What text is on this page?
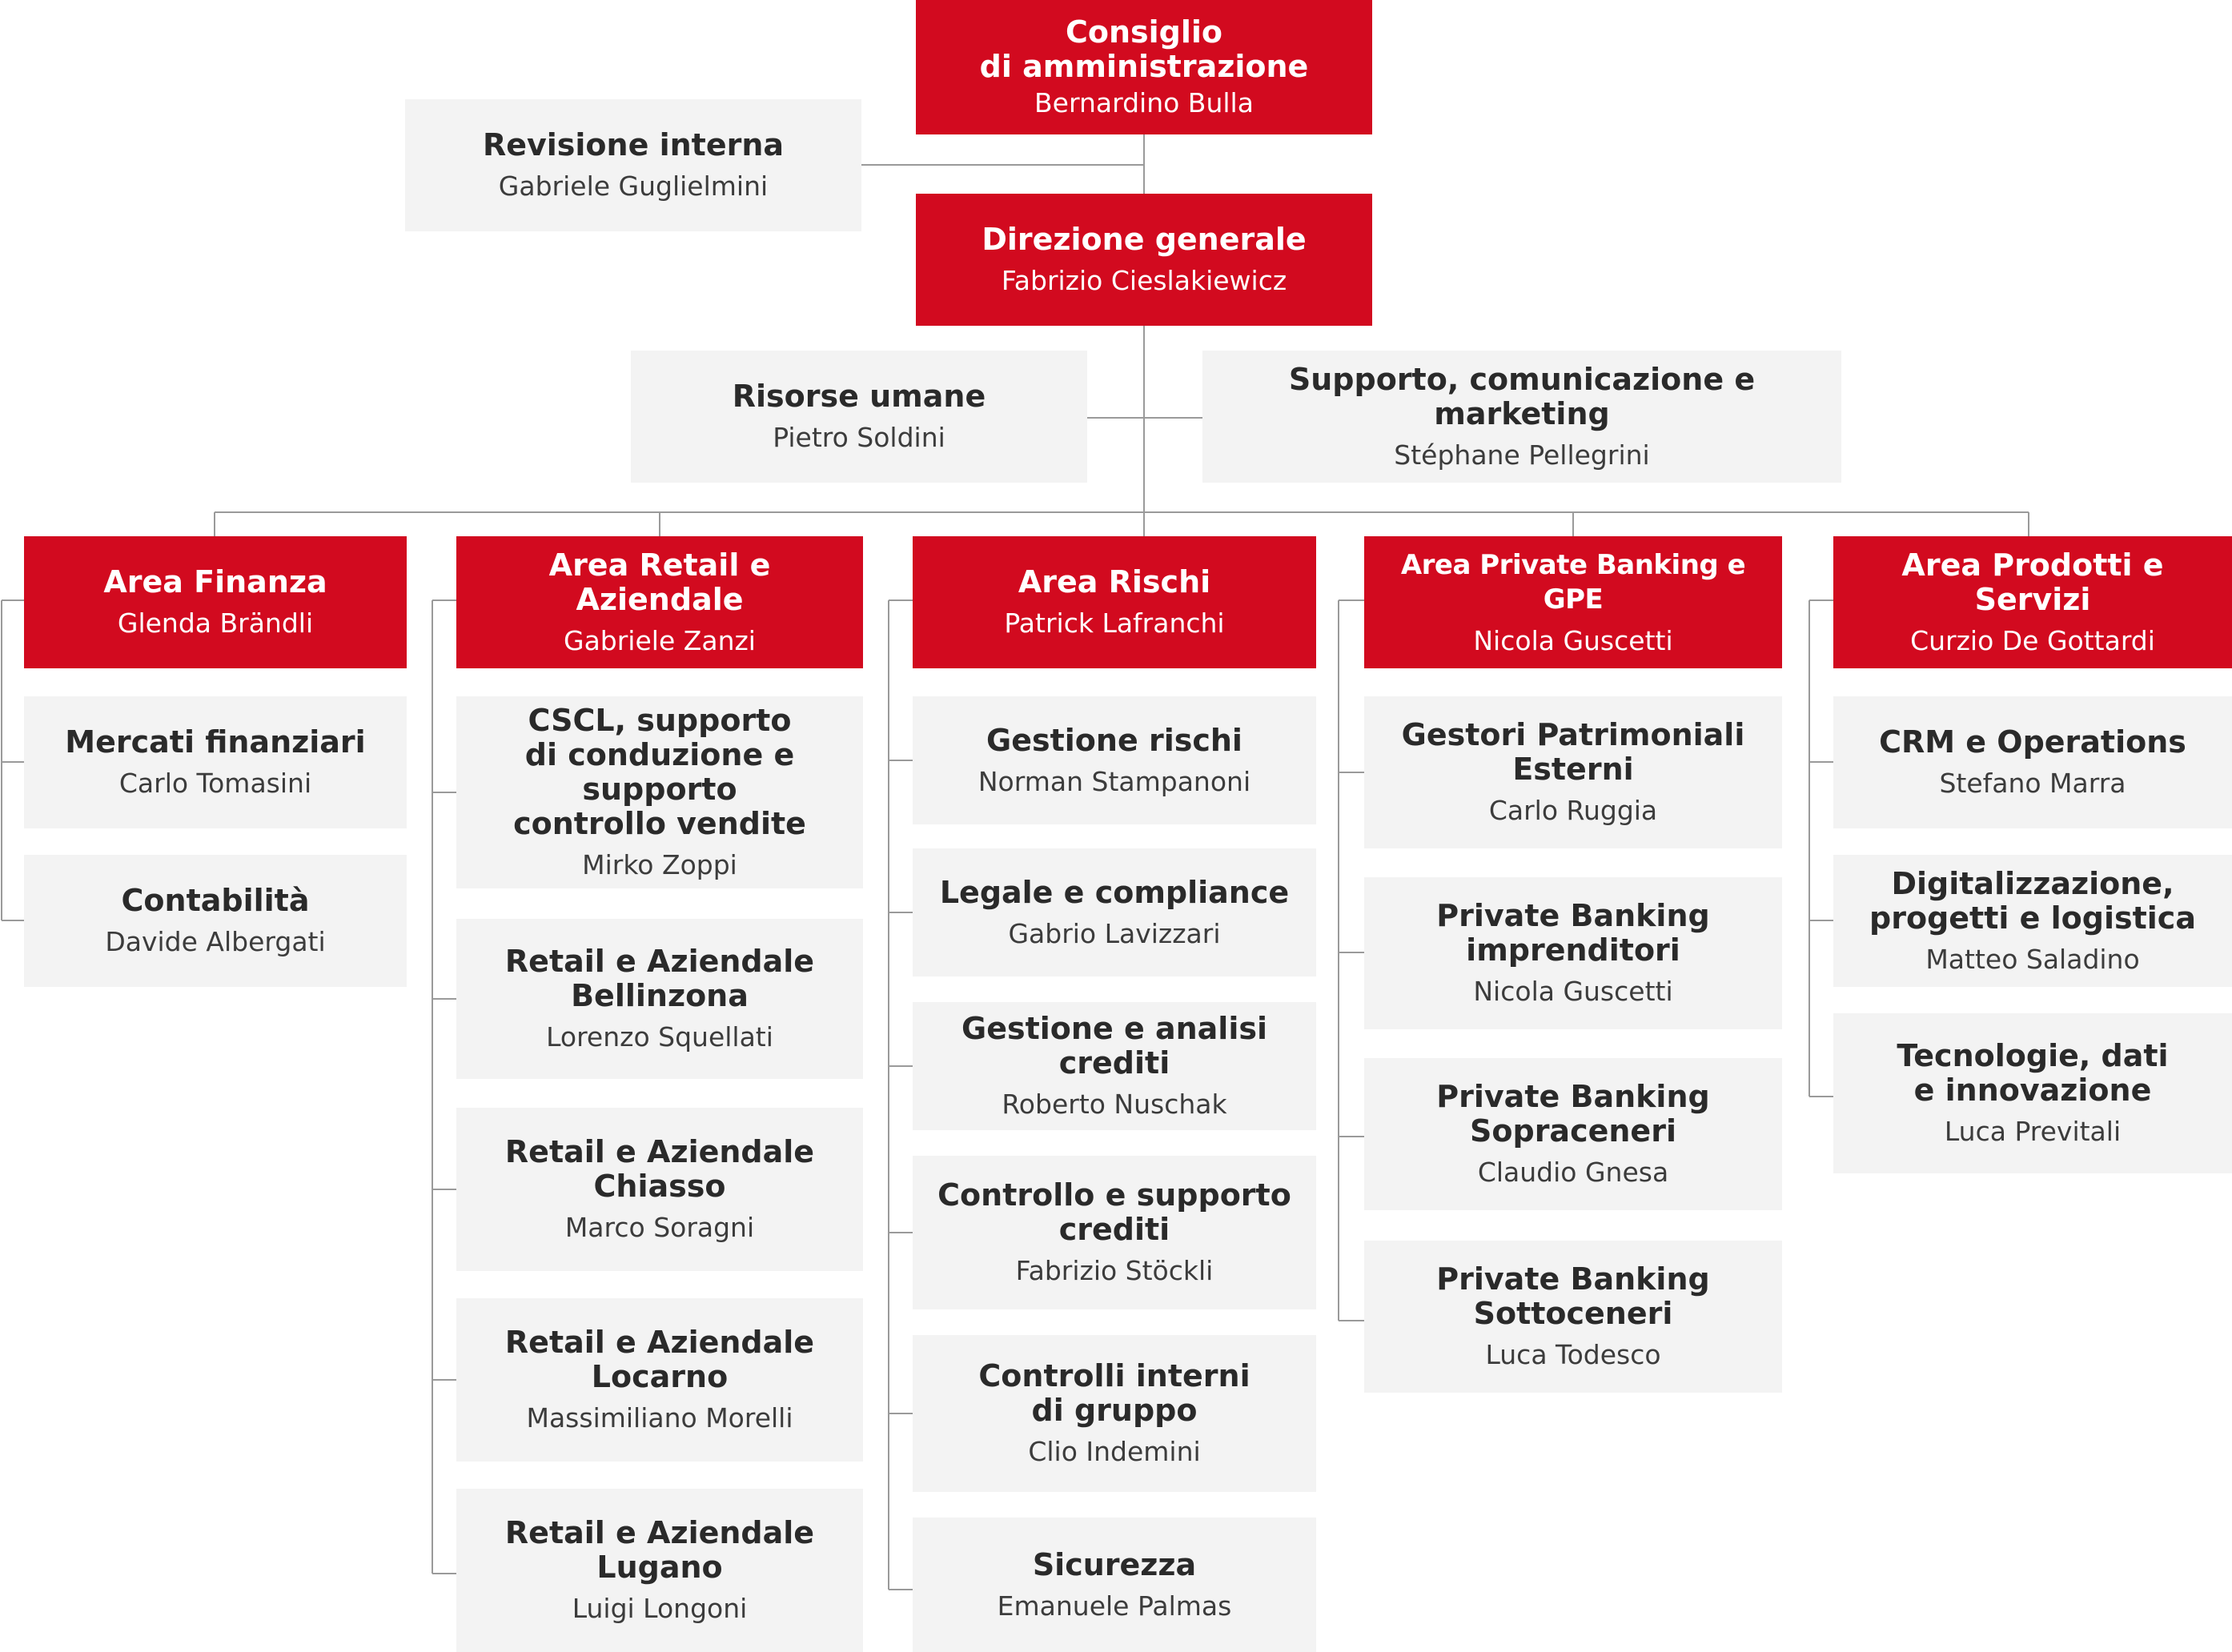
Consiglio
di amministrazione
Bernardino Bulla
Revisione interna
Gabriele Guglielmini
Direzione generale
Fabrizio Cieslakiewicz
Risorse umane
Pietro Soldini
Supporto, comunicazione e marketing
Stéphane Pellegrini
Area Finanza
Glenda Brändli
Mercati finanziari
Carlo Tomasini
Contabilità
Davide Albergati
Area Retail e Aziendale
Gabriele Zanzi
CSCL, supporto
di conduzione e supporto
controllo vendite
Mirko Zoppi
Retail e Aziendale
Bellinzona
Lorenzo Squellati
Retail e Aziendale
Chiasso
Marco Soragni
Retail e Aziendale
Locarno
Massimiliano Morelli
Retail e Aziendale
Lugano
Luigi Longoni
Area Rischi
Patrick Lafranchi
Gestione rischi
Norman Stampanoni
Legale e compliance
Gabrio Lavizzari
Gestione e analisi crediti
Roberto Nuschak
Controllo e supporto
crediti
Fabrizio Stöckli
Controlli interni
di gruppo
Clio Indemini
Sicurezza
Emanuele Palmas
Area Private Banking e GPE
Nicola Guscetti
Gestori Patrimoniali
Esterni
Carlo Ruggia
Private Banking
imprenditori
Nicola Guscetti
Private Banking
Sopraceneri
Claudio Gnesa
Private Banking
Sottoceneri
Luca Todesco
Area Prodotti e Servizi
Curzio De Gottardi
CRM e Operations
Stefano Marra
Digitalizzazione,
progetti e logistica
Matteo Saladino
Tecnologie, dati
e innovazione
Luca Previtali
